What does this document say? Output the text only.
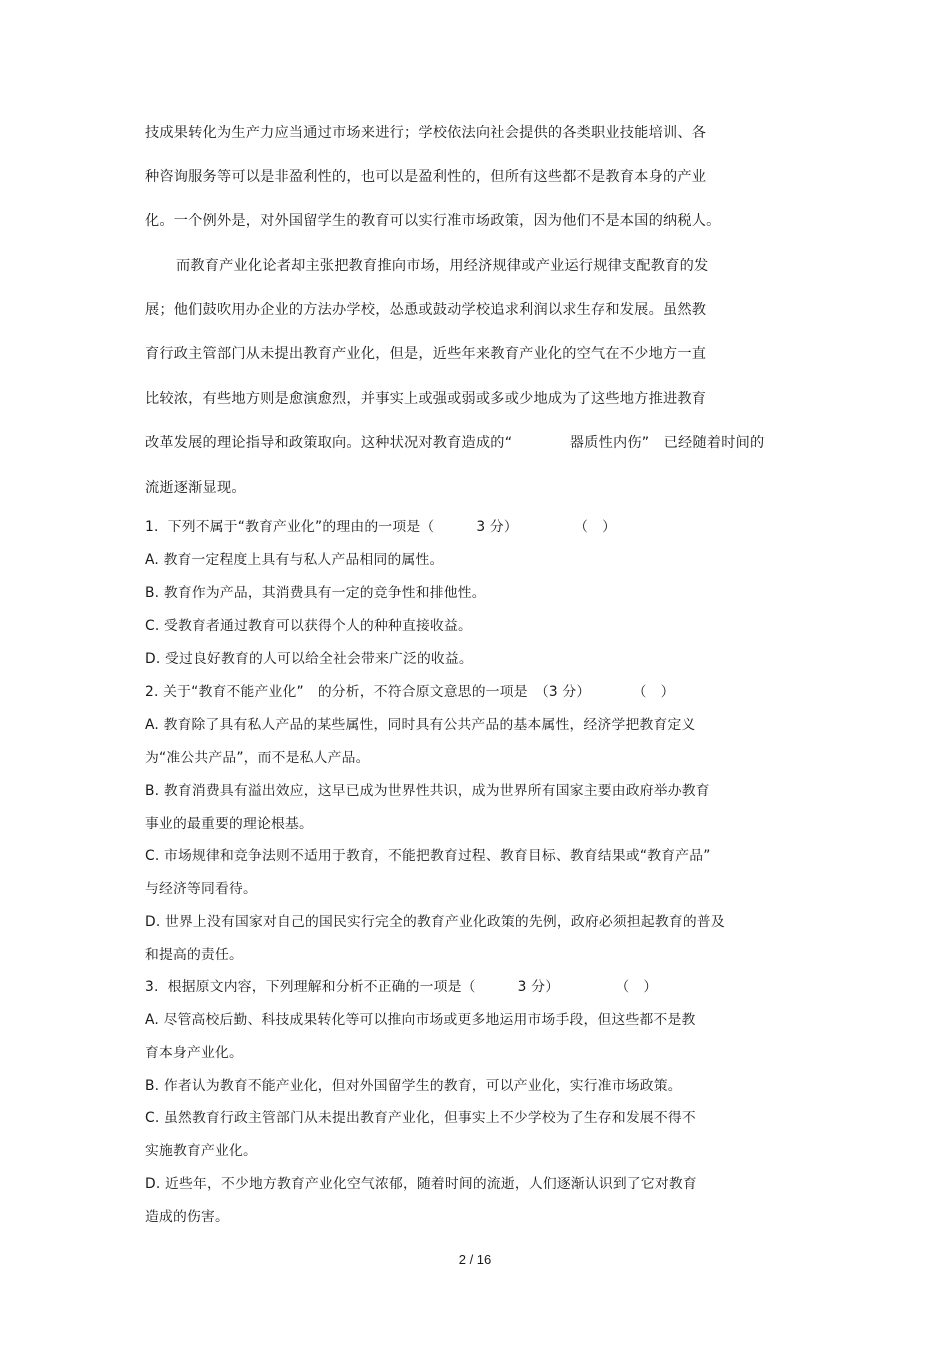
技成果转化为生产力应当通过市场来进行；学校依法向社会提供的各类职业技能培训、各
种咨询服务等可以是非盈利性的，也可以是盈利性的，但所有这些都不是教育本身的产业
化。一个例外是，对外国留学生的教育可以实行准市场政策，因为他们不是本国的纳税人。
而教育产业化论者却主张把教育推向市场，用经济规律或产业运行规律支配教育的发
展；他们鼓吹用办企业的方法办学校，怂恿或鼓动学校追求利润以求生存和发展。虽然教
育行政主管部门从未提出教育产业化，但是，近些年来教育产业化的空气在不少地方一直
比较浓，有些地方则是愈演愈烈，并事实上或强或弱或多或少地成为了这些地方推进教育
改革发展的理论指导和政策取向。这种状况对教育造成的“　　　　器质性内伤”　已经随着时间的
流逝逐渐显现。
1.  下列不属于“教育产业化”的理由的一项是（　　　3 分）　　　　　（　）
A. 教育一定程度上具有与私人产品相同的属性。
B. 教育作为产品，其消费具有一定的竞争性和排他性。
C. 受教育者通过教育可以获得个人的种种直接收益。
D. 受过良好教育的人可以给全社会带来广泛的收益。
2. 关于“教育不能产业化”　的分析，不符合原文意思的一项是　（3 分）　　　　（　）
A. 教育除了具有私人产品的某些属性，同时具有公共产品的基本属性，经济学把教育定义
为“准公共产品”，而不是私人产品。
B. 教育消费具有溢出效应，这早已成为世界性共识，成为世界所有国家主要由政府举办教育
事业的最重要的理论根基。
C. 市场规律和竞争法则不适用于教育，不能把教育过程、教育目标、教育结果或“教育产品”
与经济等同看待。
D. 世界上没有国家对自己的国民实行完全的教育产业化政策的先例，政府必须担起教育的普及
和提高的责任。
3.  根据原文内容，下列理解和分析不正确的一项是（　　　3 分）　　　　　（　）
A. 尽管高校后勤、科技成果转化等可以推向市场或更多地运用市场手段，但这些都不是教
育本身产业化。
B. 作者认为教育不能产业化，但对外国留学生的教育，可以产业化，实行准市场政策。
C. 虽然教育行政主管部门从未提出教育产业化，但事实上不少学校为了生存和发展不得不
实施教育产业化。
D. 近些年，不少地方教育产业化空气浓郁，随着时间的流逝，人们逐渐认识到了它对教育
造成的伤害。
2 / 16
